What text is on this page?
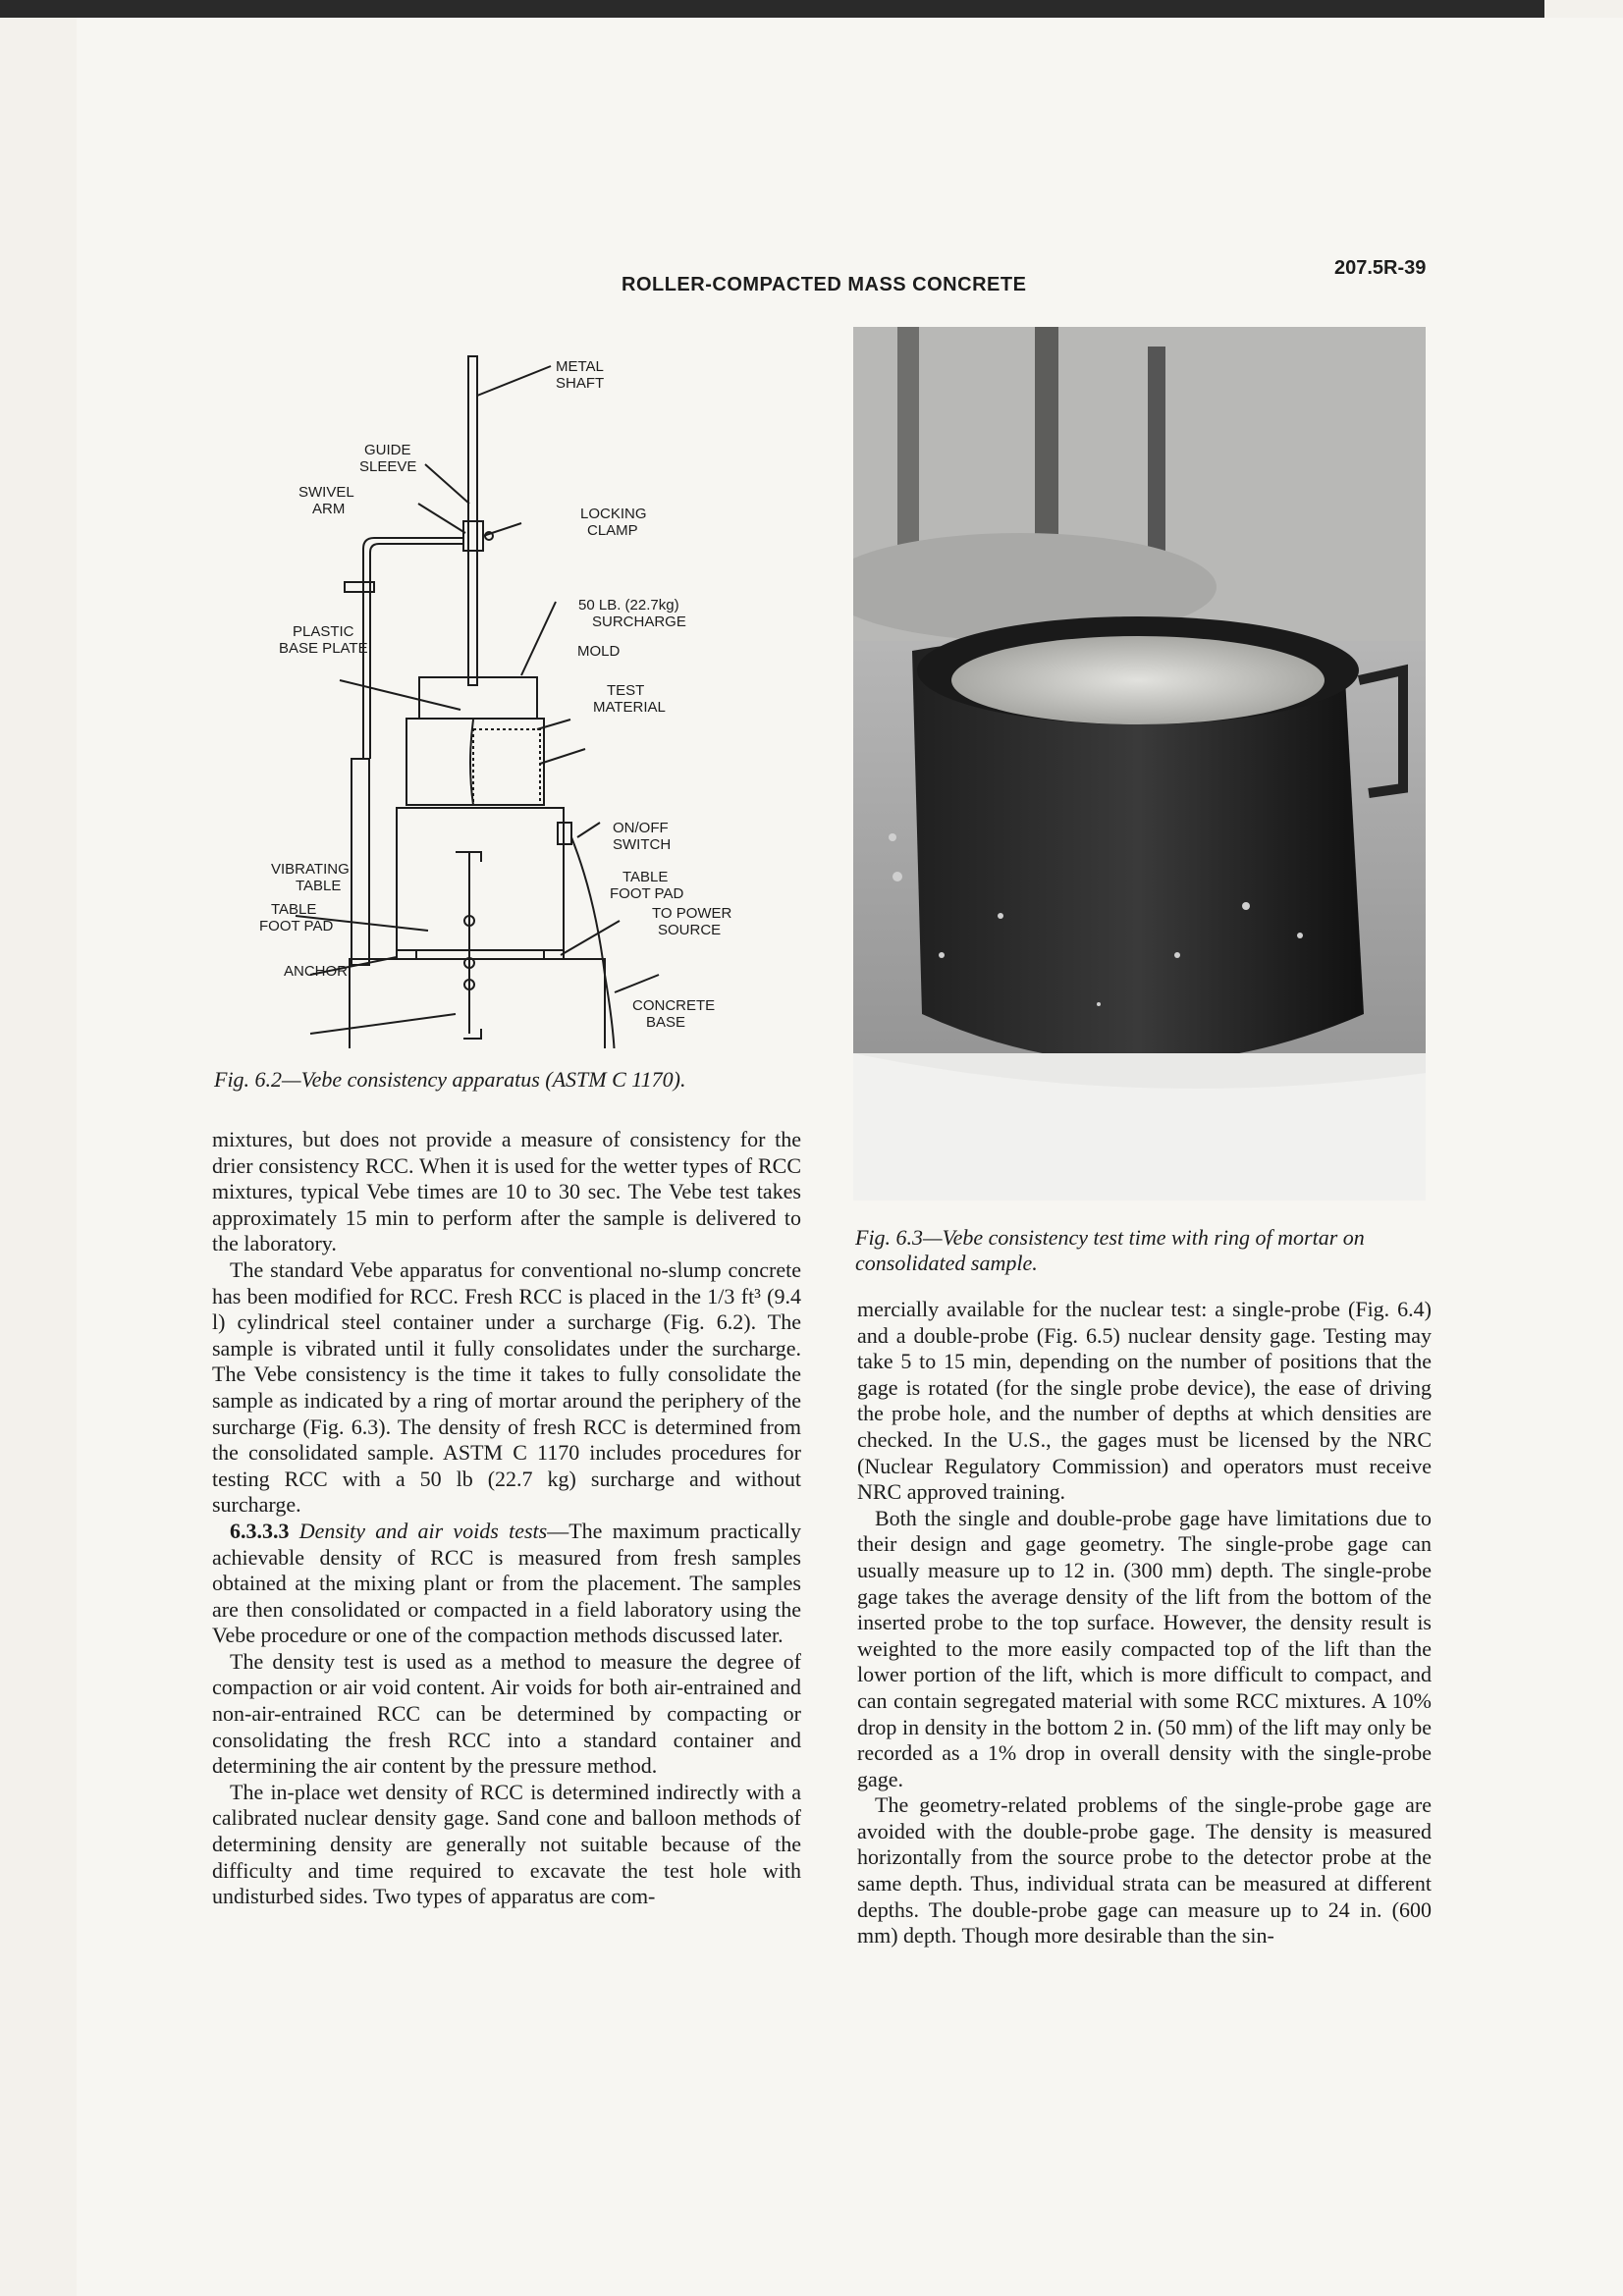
ROLLER-COMPACTED MASS CONCRETE
207.5R-39
METAL
SHAFT
GUIDE
SLEEVE
SWIVEL
ARM	LOCKING
CLAMP
50 LB. (22.7kg)
SURCHARGE
PLASTIC
BASE PLATE	MOLD
TEST
MATERIAL
ON/OFF
SWITCH
VIBRATING
TABLE
TABLE
FOOT PAD
TABLE
FOOT PAD
TO POWER
SOURCE
ANCHOR
CONCRETE
BASE
Fig. 6.2—Vebe consistency apparatus (ASTM C 1170).
Fig. 6.3—Vebe consistency test time with ring of mortar on consolidated sample.

mixtures, but does not provide a measure of consistency for the drier consistency RCC. When it is used for the wetter types of RCC mixtures, typical Vebe times are 10 to 30 sec. The Vebe test takes approximately 15 min to perform after the sample is delivered to the laboratory.

The standard Vebe apparatus for conventional no-slump concrete has been modified for RCC. Fresh RCC is placed in the 1/3 ft³ (9.4 l) cylindrical steel container under a surcharge (Fig. 6.2). The sample is vibrated until it fully consolidates under the surcharge. The Vebe consistency is the time it takes to fully consolidate the sample as indicated by a ring of mortar around the periphery of the surcharge (Fig. 6.3). The density of fresh RCC is determined from the consolidated sample. ASTM C 1170 includes procedures for testing RCC with a 50 lb (22.7 kg) surcharge and without surcharge.

6.3.3.3 Density and air voids tests—The maximum practically achievable density of RCC is measured from fresh samples obtained at the mixing plant or from the placement. The samples are then consolidated or compacted in a field laboratory using the Vebe procedure or one of the compaction methods discussed later.

The density test is used as a method to measure the degree of compaction or air void content. Air voids for both air-entrained and non-air-entrained RCC can be determined by compacting or consolidating the fresh RCC into a standard container and determining the air content by the pressure method.

The in-place wet density of RCC is determined indirectly with a calibrated nuclear density gage. Sand cone and balloon methods of determining density are generally not suitable because of the difficulty and time required to excavate the test hole with undisturbed sides. Two types of apparatus are com-

mercially available for the nuclear test: a single-probe (Fig. 6.4) and a double-probe (Fig. 6.5) nuclear density gage. Testing may take 5 to 15 min, depending on the number of positions that the gage is rotated (for the single probe device), the ease of driving the probe hole, and the number of depths at which densities are checked. In the U.S., the gages must be licensed by the NRC (Nuclear Regulatory Commission) and operators must receive NRC approved training.

Both the single and double-probe gage have limitations due to their design and gage geometry. The single-probe gage can usually measure up to 12 in. (300 mm) depth. The single-probe gage takes the average density of the lift from the bottom of the inserted probe to the top surface. However, the density result is weighted to the more easily compacted top of the lift than the lower portion of the lift, which is more difficult to compact, and can contain segregated material with some RCC mixtures. A 10% drop in density in the bottom 2 in. (50 mm) of the lift may only be recorded as a 1% drop in overall density with the single-probe gage.

The geometry-related problems of the single-probe gage are avoided with the double-probe gage. The density is measured horizontally from the source probe to the detector probe at the same depth. Thus, individual strata can be measured at different depths. The double-probe gage can measure up to 24 in. (600 mm) depth. Though more desirable than the sin-
